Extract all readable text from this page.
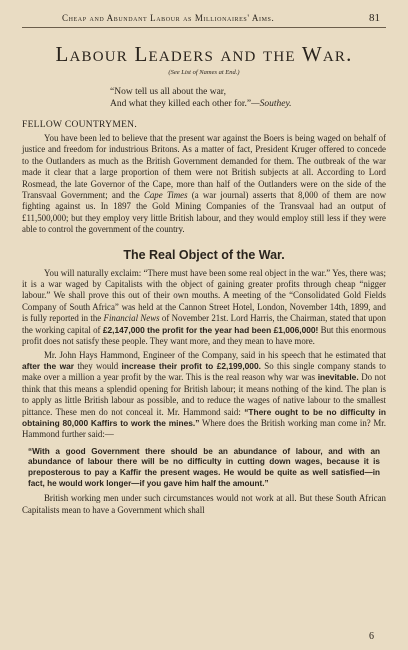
Cheap and Abundant Labour as Millionaires' Aims.	81
Labour Leaders and the War.
(See List of Names at End.)
“Now tell us all about the war,
And what they killed each other for.”—Southey.
FELLOW COUNTRYMEN.

You have been led to believe that the present war against the Boers is being waged on behalf of justice and freedom for industrious Britons. As a matter of fact, President Kruger offered to concede to the Outlanders as much as the British Government demanded for them. The outbreak of the war made it clear that a large proportion of them were not British subjects at all. According to Lord Rosmead, the late Governor of the Cape, more than half of the Outlanders were on the side of the Transvaal Government; and the Cape Times (a war journal) asserts that 8,000 of them are now fighting against us. In 1897 the Gold Mining Companies of the Transvaal had an output of £11,500,000; but they employ very little British labour, and they would employ still less if they were able to control the government of the country.

The Real Object of the War.

You will naturally exclaim: “There must have been some real object in the war.” Yes, there was; it is a war waged by Capitalists with the object of gaining greater profits through cheap “nigger labour.” We shall prove this out of their own mouths. A meeting of the “Consolidated Gold Fields Company of South Africa” was held at the Cannon Street Hotel, London, November 14th, 1899, and is fully reported in the Financial News of November 21st. Lord Harris, the Chairman, stated that upon the working capital of £2,147,000 the profit for the year had been £1,006,000! But this enormous profit does not satisfy these people. They want more, and they mean to have more.

Mr. John Hays Hammond, Engineer of the Company, said in his speech that he estimated that after the war they would increase their profit to £2,199,000. So this single company stands to make over a million a year profit by the war. This is the real reason why war was inevitable. Do not think that this means a splendid opening for British labour; it means nothing of the kind. The plan is to apply as little British labour as possible, and to reduce the wages of native labour to the smallest pittance. These men do not conceal it. Mr. Hammond said: “There ought to be no difficulty in obtaining 80,000 Kaffirs to work the mines.” Where does the British working man come in? Mr. Hammond further said:—

“With a good Government there should be an abundance of labour, and with an abundance of labour there will be no difficulty in cutting down wages, because it is preposterous to pay a Kaffir the present wages. He would be quite as well satisfied—in fact, he would work longer—if you gave him half the amount.”

British working men under such circumstances would not work at all. But these South African Capitalists mean to have a Government which shall

6
